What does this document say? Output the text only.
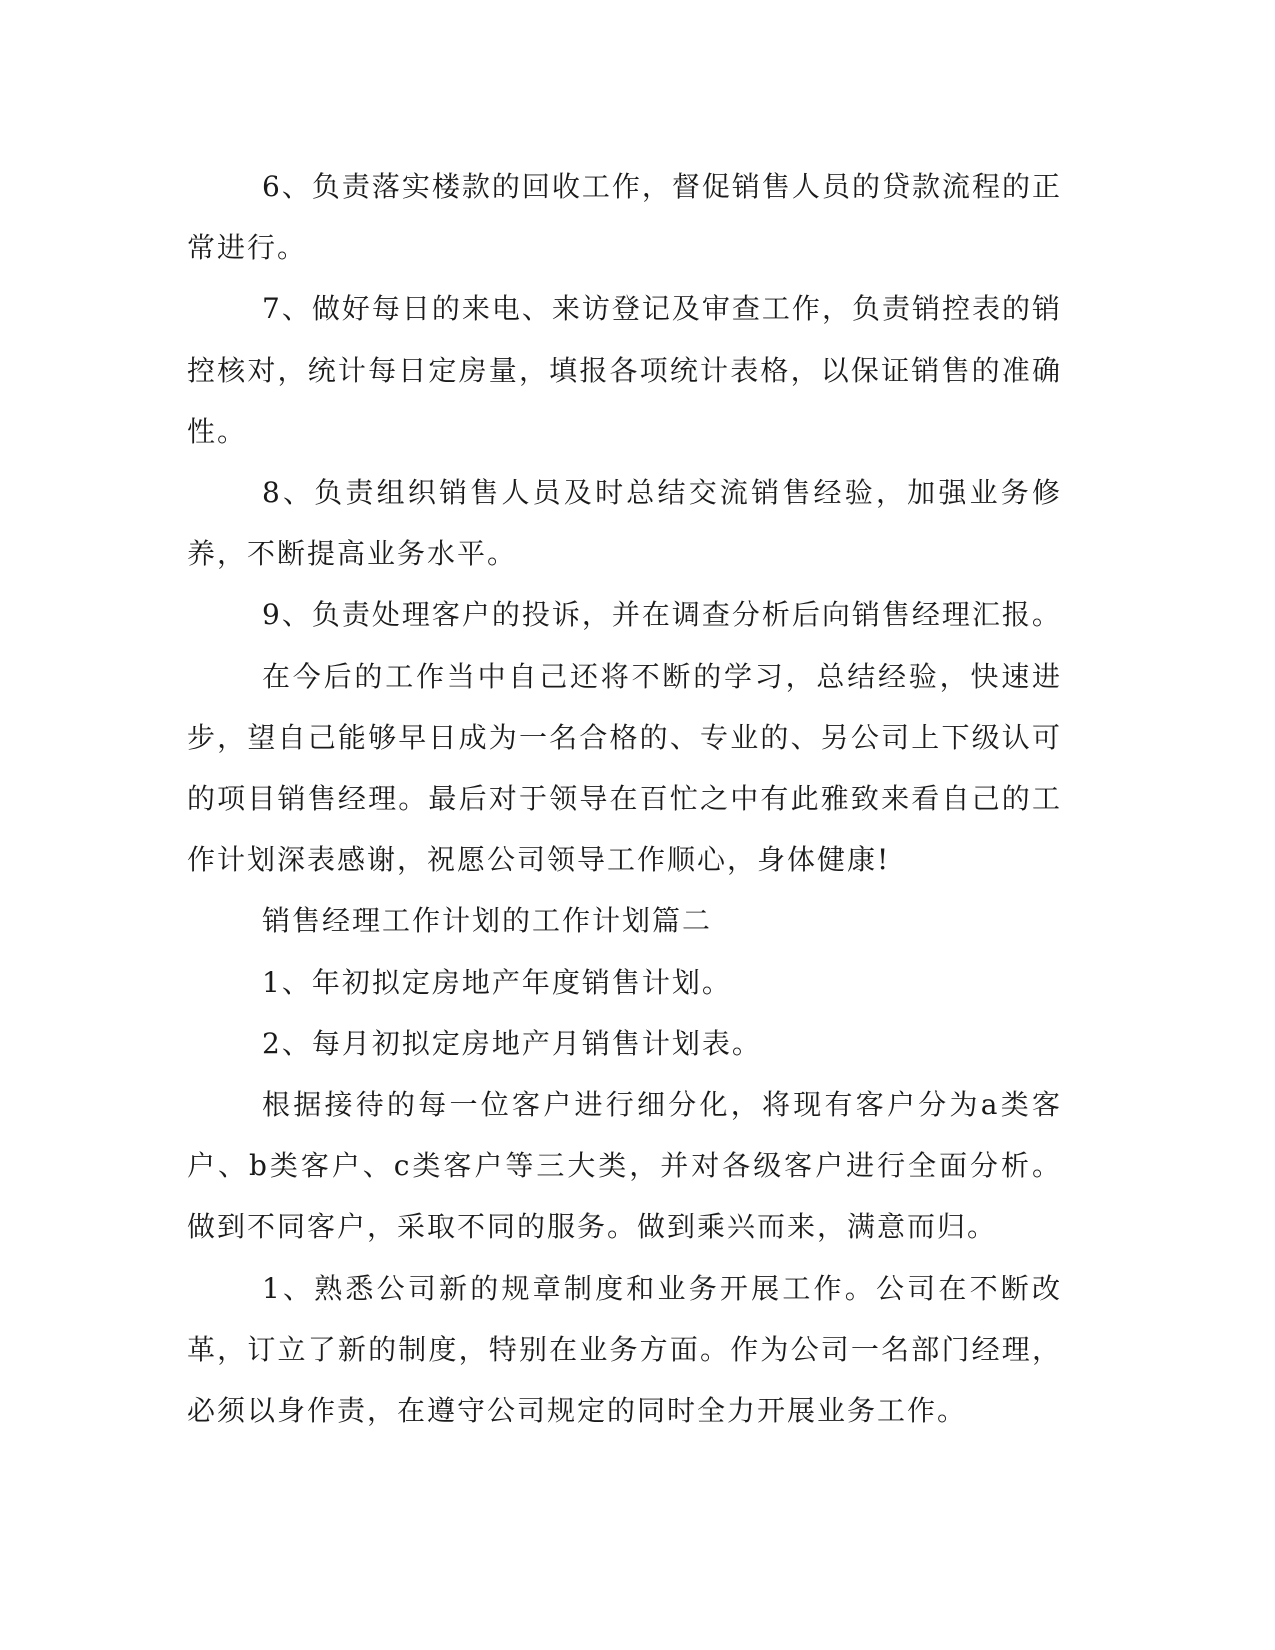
6、负责落实楼款的回收工作，督促销售人员的贷款流程的正常进行。

7、做好每日的来电、来访登记及审查工作，负责销控表的销控核对，统计每日定房量，填报各项统计表格，以保证销售的准确性。

8、负责组织销售人员及时总结交流销售经验，加强业务修养，不断提高业务水平。

9、负责处理客户的投诉，并在调查分析后向销售经理汇报。

在今后的工作当中自己还将不断的学习，总结经验，快速进步，望自己能够早日成为一名合格的、专业的、另公司上下级认可的项目销售经理。最后对于领导在百忙之中有此雅致来看自己的工作计划深表感谢，祝愿公司领导工作顺心，身体健康!

销售经理工作计划的工作计划篇二

1、年初拟定房地产年度销售计划。

2、每月初拟定房地产月销售计划表。

根据接待的每一位客户进行细分化，将现有客户分为a类客户、b类客户、c类客户等三大类，并对各级客户进行全面分析。做到不同客户，采取不同的服务。做到乘兴而来，满意而归。

1、熟悉公司新的规章制度和业务开展工作。公司在不断改革，订立了新的制度，特别在业务方面。作为公司一名部门经理，必须以身作责，在遵守公司规定的同时全力开展业务工作。
